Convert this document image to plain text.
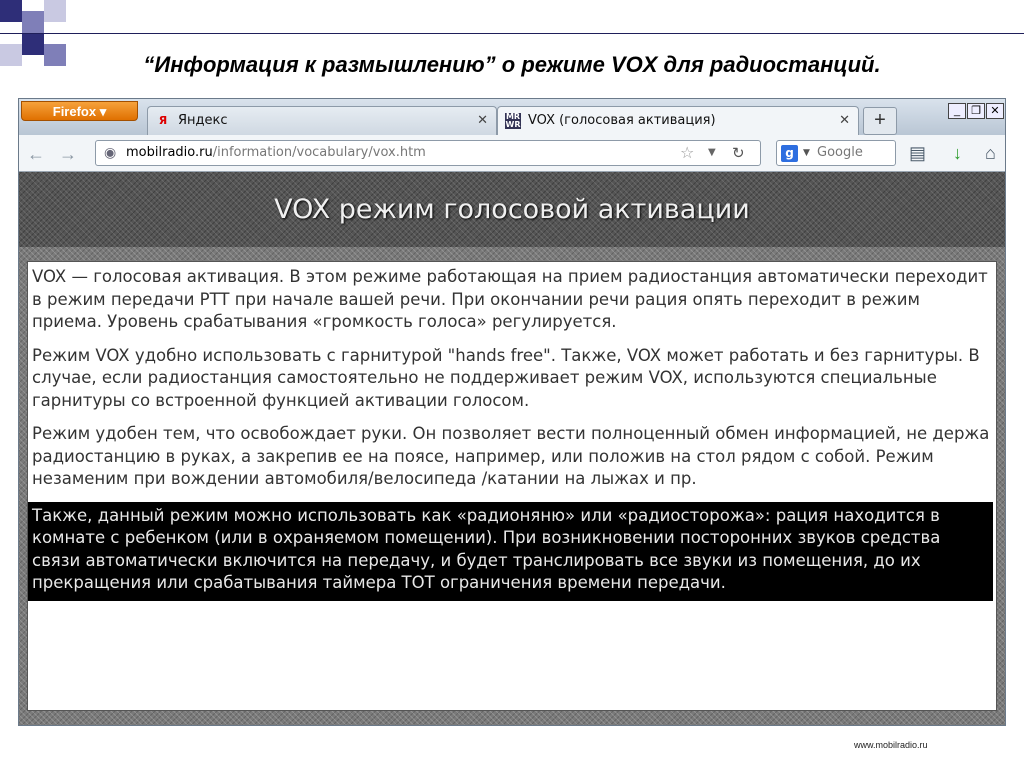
“Информация к размышлению” о режиме VOX для радиостанций.
Firefox ▾
Я Яндекс	✕ MR
WR VOX (голосовая активация)	✕	+	_	❐ ✕
← → ◉ mobilradio.ru/information/vocabulary/vox.htm	☆ ▼ ↻	g	▼ Google	▤ ↓ ⌂
VOX режим голосовой активации

VOX — голосовая активация. В этом режиме работающая на прием радиостанция автоматически переходит в режим передачи PTT при начале вашей речи. При окончании речи рация опять переходит в режим приема. Уровень срабатывания «громкость голоса» регулируется.

Режим VOX удобно использовать с гарнитурой "hands free". Также, VOX может работать и без гарнитуры. В случае, если радиостанция самостоятельно не поддерживает режим VOX, используются специальные гарнитуры со встроенной функцией активации голосом.

Режим удобен тем, что освобождает руки. Он позволяет вести полноценный обмен информацией, не держа радиостанцию в руках, а закрепив ее на поясе, например, или положив на стол рядом с собой. Режим незаменим при вождении автомобиля/велосипеда /катании на лыжах и пр.

Также, данный режим можно использовать как «радионяню» или «радиосторожа»: рация находится в комнате с ребенком (или в охраняемом помещении). При возникновении посторонних звуков средства связи автоматически включится на передачу, и будет транслировать все звуки из помещения, до их прекращения или срабатывания таймера ТОТ ограничения времени передачи.

www.mobilradio.ru
